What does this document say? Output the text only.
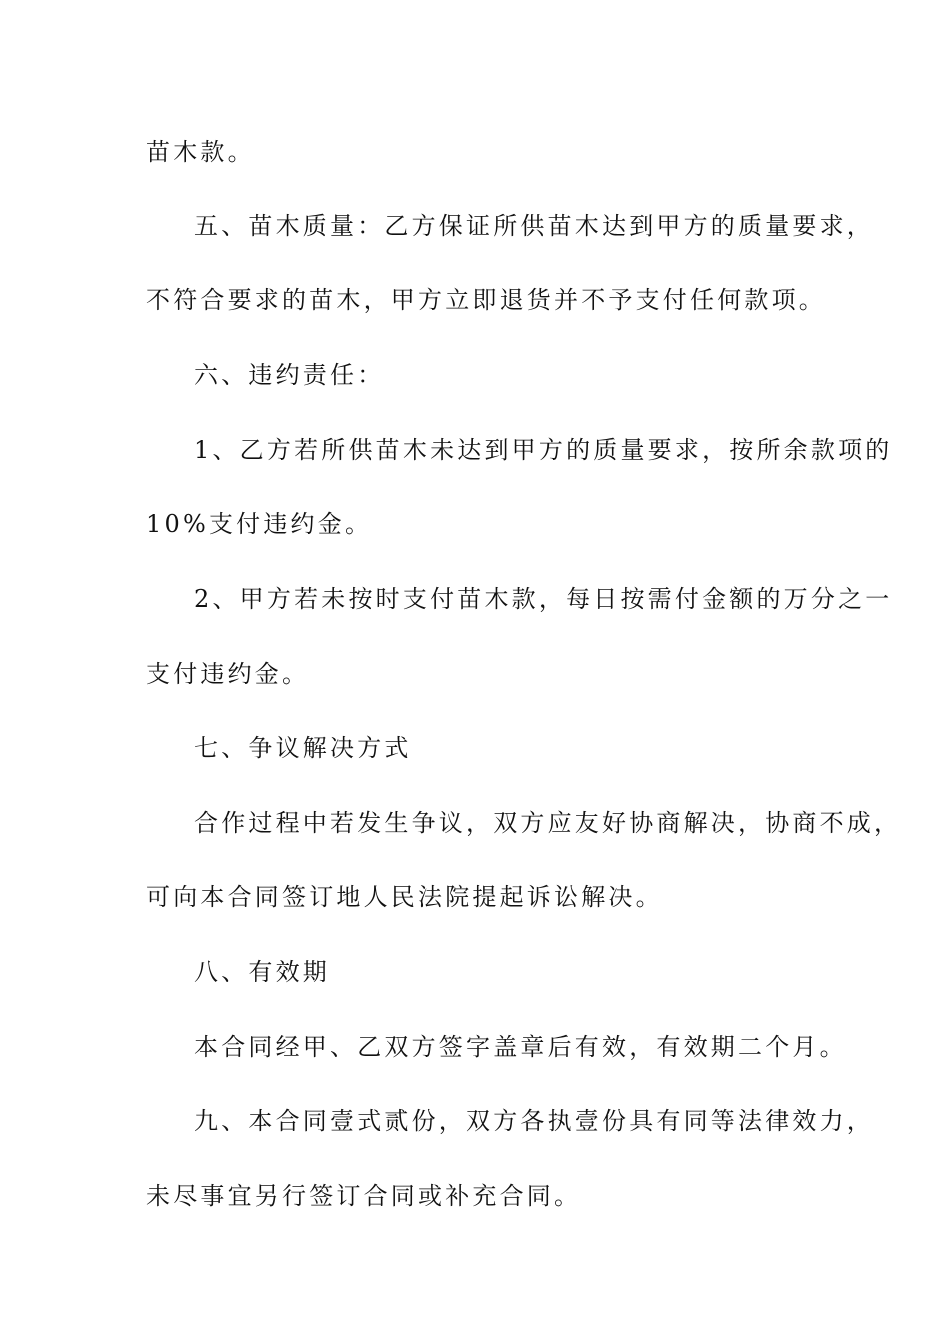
苗木款。
五、苗木质量：乙方保证所供苗木达到甲方的质量要求，
不符合要求的苗木，甲方立即退货并不予支付任何款项。
六、违约责任：
1、乙方若所供苗木未达到甲方的质量要求，按所余款项的
10%支付违约金。
2、甲方若未按时支付苗木款，每日按需付金额的万分之一
支付违约金。
七、争议解决方式
合作过程中若发生争议，双方应友好协商解决，协商不成，
可向本合同签订地人民法院提起诉讼解决。
八、有效期
本合同经甲、乙双方签字盖章后有效，有效期二个月。
九、本合同壹式贰份，双方各执壹份具有同等法律效力，
未尽事宜另行签订合同或补充合同。
